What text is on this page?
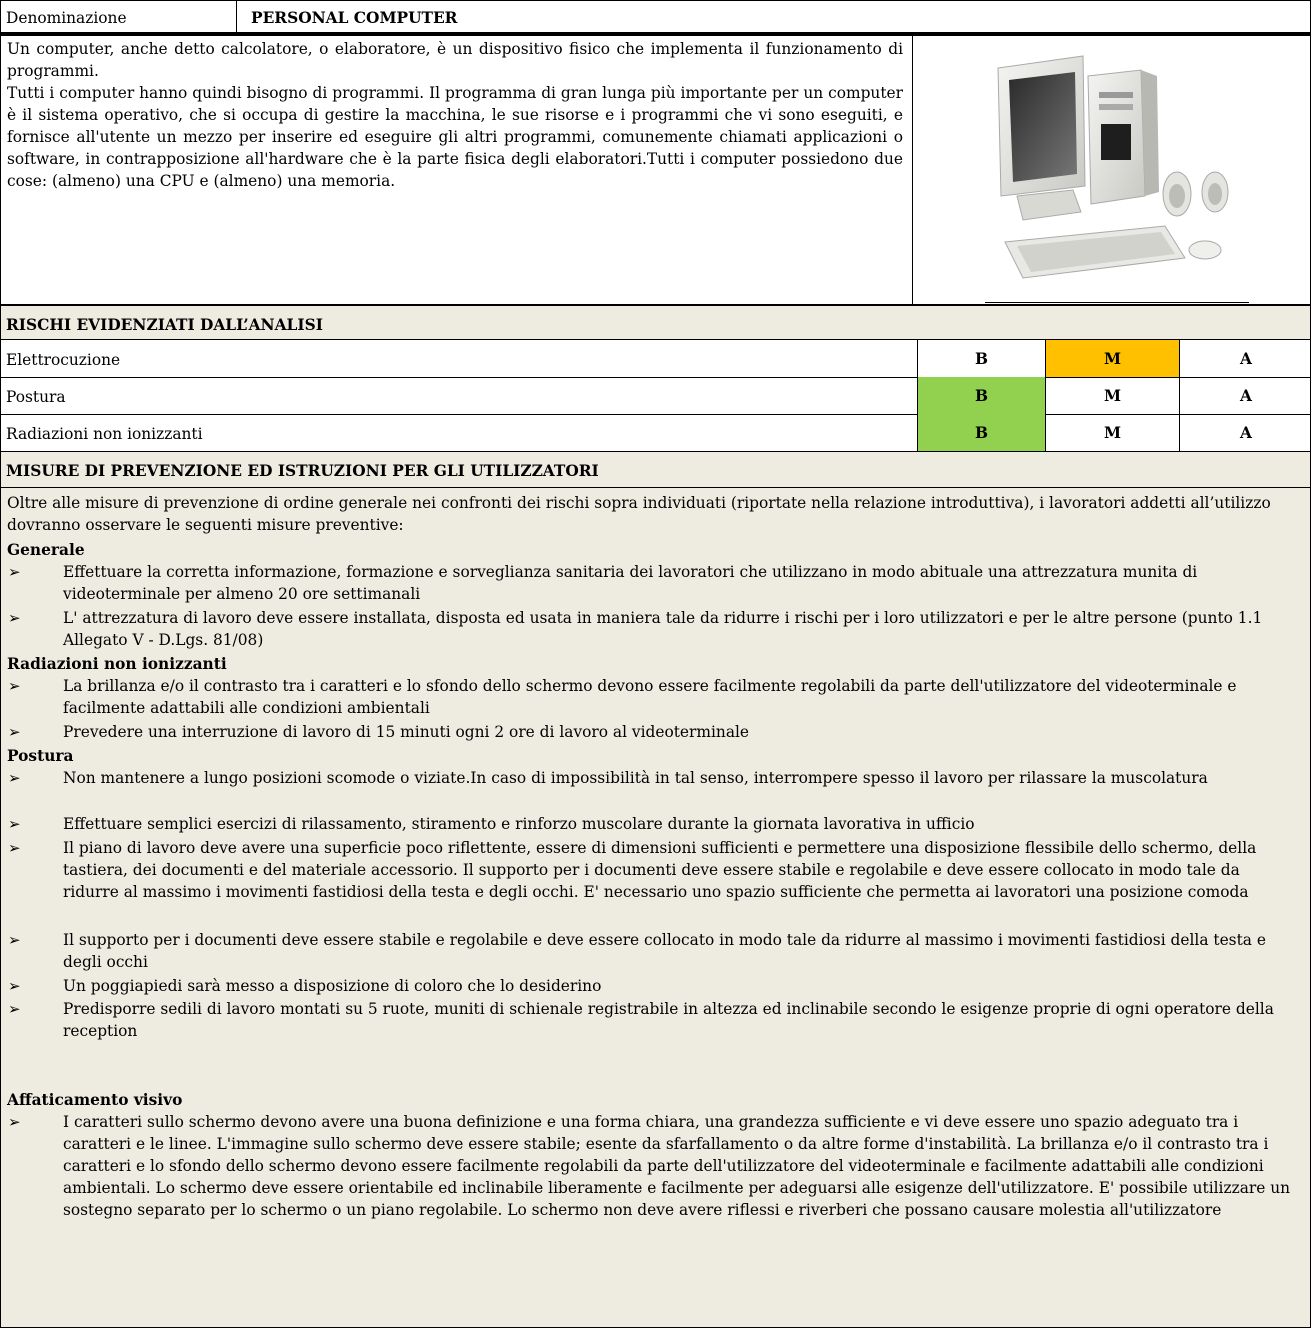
Denominazione	PERSONAL COMPUTER

Un computer, anche detto calcolatore, o elaboratore, è un dispositivo fisico che implementa il funzionamento di programmi.

Tutti i computer hanno quindi bisogno di programmi. Il programma di gran lunga più importante per un computer è il sistema operativo, che si occupa di gestire la macchina, le sue risorse e i programmi che vi sono eseguiti, e fornisce all'utente un mezzo per inserire ed eseguire gli altri programmi, comunemente chiamati applicazioni o software, in contrapposizione all'hardware che è la parte fisica degli elaboratori.Tutti i computer possiedono due cose: (almeno) una CPU e (almeno) una memoria.

RISCHI EVIDENZIATI DALL’ANALISI
Elettrocuzione	B	M	A
Postura	B	M	A
Radiazioni non ionizzanti	B	M	A
MISURE DI PREVENZIONE ED ISTRUZIONI PER GLI UTILIZZATORI
Oltre alle misure di prevenzione di ordine generale nei confronti dei rischi sopra individuati (riportate nella relazione introduttiva), i lavoratori addetti all’utilizzo dovranno osservare le seguenti misure preventive:
Generale
➢	Effettuare la corretta informazione, formazione e sorveglianza sanitaria dei lavoratori che utilizzano in modo abituale una attrezzatura munita di videoterminale per almeno 20 ore settimanali
➢	L' attrezzatura di lavoro deve essere installata, disposta ed usata in maniera tale da ridurre i rischi per i loro utilizzatori e per le altre persone (punto 1.1 Allegato V - D.Lgs. 81/08)
Radiazioni non ionizzanti
➢	La brillanza e/o il contrasto tra i caratteri e lo sfondo dello schermo devono essere facilmente regolabili da parte dell'utilizzatore del videoterminale e facilmente adattabili alle condizioni ambientali
➢	Prevedere una interruzione di lavoro di 15 minuti ogni 2 ore di lavoro al videoterminale
Postura
➢	Non mantenere a lungo posizioni scomode o viziate.In caso di impossibilità in tal senso, interrompere spesso il lavoro per rilassare la muscolatura
➢	Effettuare semplici esercizi di rilassamento, stiramento e rinforzo muscolare durante la giornata lavorativa in ufficio
➢	Il piano di lavoro deve avere una superficie poco riflettente, essere di dimensioni sufficienti e permettere una disposizione flessibile dello schermo, della tastiera, dei documenti e del materiale accessorio. Il supporto per i documenti deve essere stabile e regolabile e deve essere collocato in modo tale da ridurre al massimo i movimenti fastidiosi della testa e degli occhi. E' necessario uno spazio sufficiente che permetta ai lavoratori una posizione comoda
➢	Il supporto per i documenti deve essere stabile e regolabile e deve essere collocato in modo tale da ridurre al massimo i movimenti fastidiosi della testa e degli occhi
➢	Un poggiapiedi sarà messo a disposizione di coloro che lo desiderino
➢	Predisporre sedili di lavoro montati su 5 ruote, muniti di schienale registrabile in altezza ed inclinabile secondo le esigenze proprie di ogni operatore della reception
Affaticamento visivo
➢	I caratteri sullo schermo devono avere una buona definizione e una forma chiara, una grandezza sufficiente e vi deve essere uno spazio adeguato tra i caratteri e le linee. L'immagine sullo schermo deve essere stabile; esente da sfarfallamento o da altre forme d'instabilità. La brillanza e/o il contrasto tra i caratteri e lo sfondo dello schermo devono essere facilmente regolabili da parte dell'utilizzatore del videoterminale e facilmente adattabili alle condizioni ambientali. Lo schermo deve essere orientabile ed inclinabile liberamente e facilmente per adeguarsi alle esigenze dell'utilizzatore. E' possibile utilizzare un sostegno separato per lo schermo o un piano regolabile. Lo schermo non deve avere riflessi e riverberi che possano causare molestia all'utilizzatore
